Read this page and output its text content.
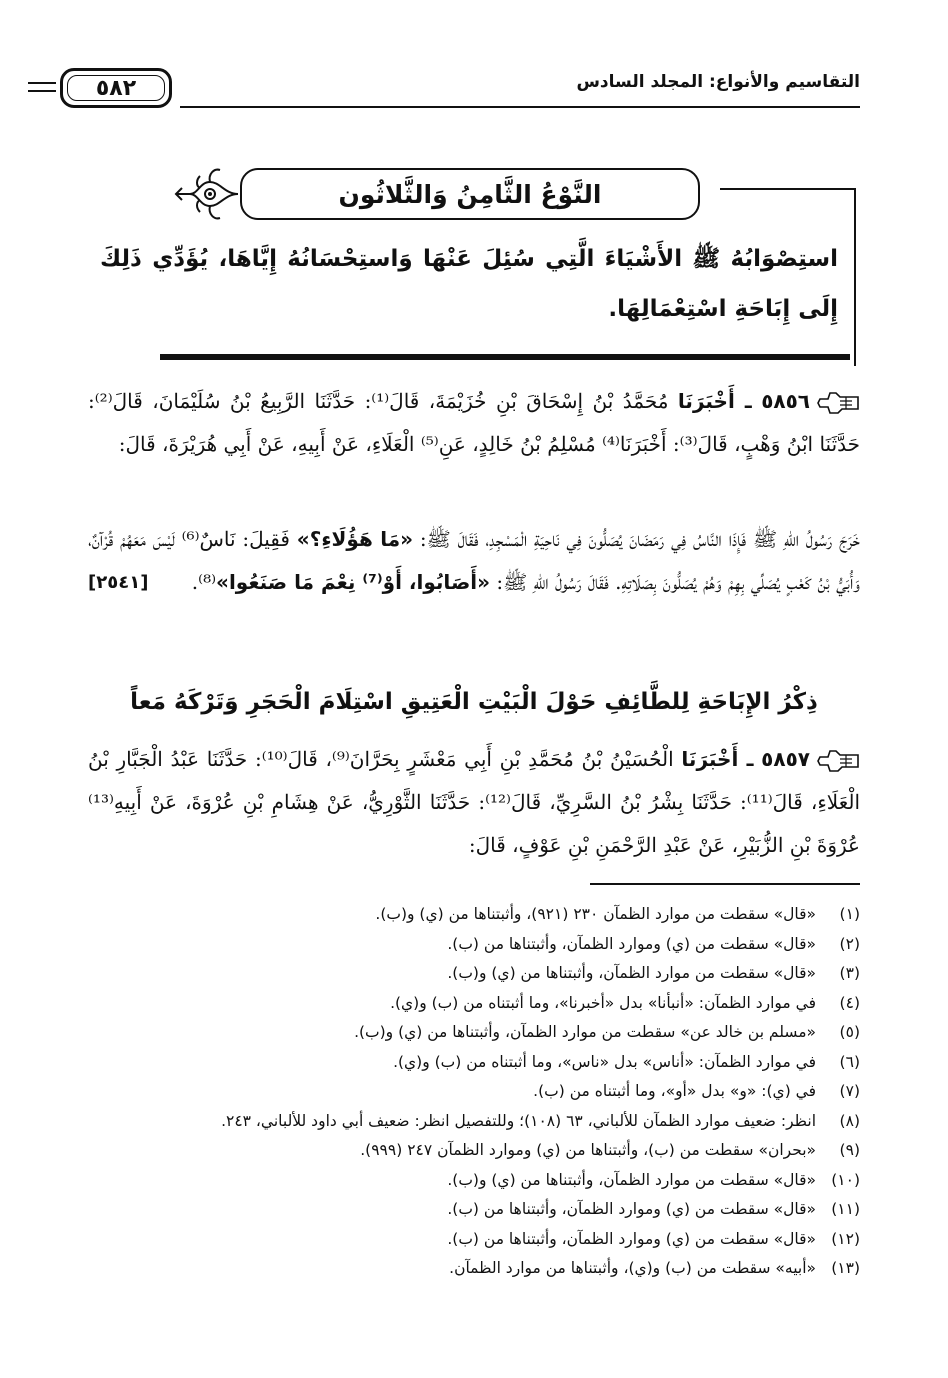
التقاسيم والأنواع: المجلد السادس
٥٨٢
النَّوْعُ الثَّامِنُ وَالثَّلاثُون
استِصْوَابُهُ ﷺ الأَشْيَاءَ الَّتِي سُئِلَ عَنْهَا وَاستِحْسَانُهُ إِيَّاهَا، يُؤَدِّي ذَلِكَ إِلَى إِبَاحَةِ اسْتِعْمَالِهَا.
٥٨٥٦ ـ أَخْبَرَنَا مُحَمَّدُ بْنُ إِسْحَاقَ بْنِ خُزَيْمَةَ، قَالَ⁽¹⁾: حَدَّثَنَا الرَّبِيعُ بْنُ سُلَيْمَانَ، قَالَ⁽²⁾: حَدَّثَنَا ابْنُ وَهْبٍ، قَالَ⁽³⁾: أَخْبَرَنَا⁽⁴⁾ مُسْلِمُ بْنُ خَالِدٍ، عَنِ⁽⁵⁾ الْعَلَاءِ، عَنْ أَبِيهِ، عَنْ أَبِي هُرَيْرَةَ، قَالَ:
خَرَجَ رَسُولُ اللهِ ﷺ فَإِذَا النَّاسُ فِي رَمَضَانَ يُصَلُّونَ فِي نَاحِيَةِ الْمَسْجِدِ، فَقَالَ ﷺ: «مَا هَؤُلَاءِ؟» فَقِيلَ: نَاسٌ⁽⁶⁾ لَيْسَ مَعَهُمْ قُرْآنٌ، وَأُبَيُّ بْنُ كَعْبٍ يُصَلِّي بِهِمْ وَهُمْ يُصَلُّونَ بِصَلَاتِهِ. فَقَالَ رَسُولُ اللهِ ﷺ: «أَصَابُوا، أَوْ⁽⁷⁾ نِعْمَ مَا صَنَعُوا»⁽⁸⁾.
[٢٥٤١]
ذِكْرُ الإِبَاحَةِ لِلطَّائِفِ حَوْلَ الْبَيْتِ الْعَتِيقِ اسْتِلَامَ الْحَجَرِ وَتَرْكَهُ مَعاً
٥٨٥٧ ـ أَخْبَرَنَا الْحُسَيْنُ بْنُ مُحَمَّدِ بْنِ أَبِي مَعْشَرٍ بِحَرَّانَ⁽⁹⁾، قَالَ⁽¹⁰⁾: حَدَّثَنَا عَبْدُ الْجَبَّارِ بْنُ الْعَلَاءِ، قَالَ⁽¹¹⁾: حَدَّثَنَا بِشْرُ بْنُ السَّرِيِّ، قَالَ⁽¹²⁾: حَدَّثَنَا الثَّوْرِيُّ، عَنْ هِشَامِ بْنِ عُرْوَةَ، عَنْ أَبِيهِ⁽¹³⁾ عُرْوَةَ بْنِ الزُّبَيْرِ، عَنْ عَبْدِ الرَّحْمَنِ بْنِ عَوْفٍ، قَالَ:
(١)«قال» سقطت من موارد الظمآن ٢٣٠ (٩٢١)، وأثبتناها من (ي) و(ب).
(٢)«قال» سقطت من (ي) وموارد الظمآن، وأثبتناها من (ب).
(٣)«قال» سقطت من موارد الظمآن، وأثبتناها من (ي) و(ب).
(٤)في موارد الظمآن: «أنبأنا» بدل «أخبرنا»، وما أثبتناه من (ب) و(ي).
(٥)«مسلم بن خالد عن» سقطت من موارد الظمآن، وأثبتناها من (ي) و(ب).
(٦)في موارد الظمآن: «أناس» بدل «ناس»، وما أثبتناه من (ب) و(ي).
(٧)في (ي): «و» بدل «أو»، وما أثبتناه من (ب).
(٨)انظر: ضعيف موارد الظمآن للألباني، ٦٣ (١٠٨)؛ وللتفصيل انظر: ضعيف أبي داود للألباني، ٢٤٣.
(٩)«بحران» سقطت من (ب)، وأثبتناها من (ي) وموارد الظمآن ٢٤٧ (٩٩٩).
(١٠)«قال» سقطت من موارد الظمآن، وأثبتناها من (ي) و(ب).
(١١)«قال» سقطت من (ي) وموارد الظمآن، وأثبتناها من (ب).
(١٢)«قال» سقطت من (ي) وموارد الظمآن، وأثبتناها من (ب).
(١٣)«أبيه» سقطت من (ب) و(ي)، وأثبتناها من موارد الظمآن.
